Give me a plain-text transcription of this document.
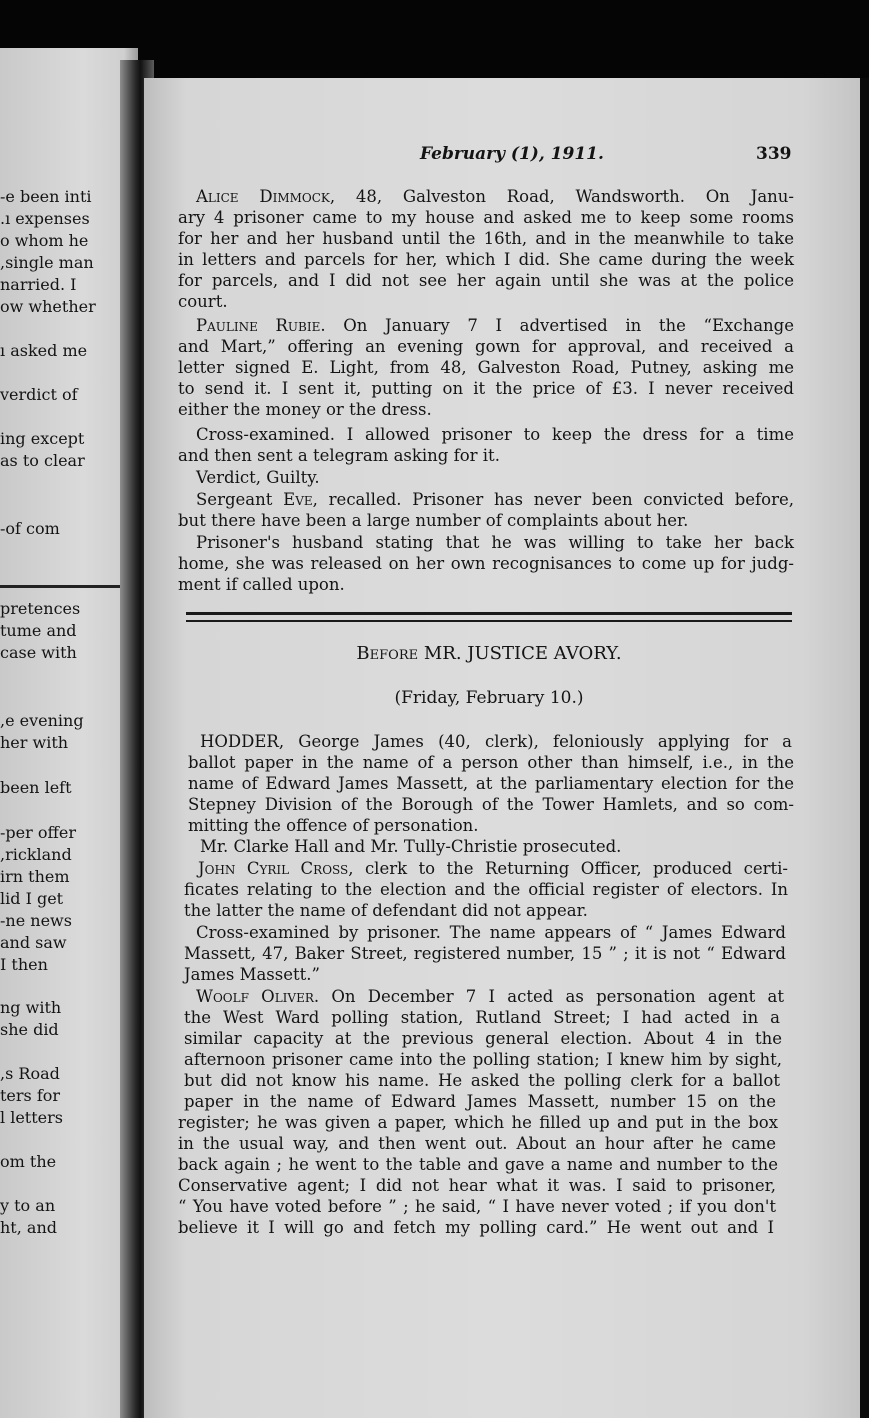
e been inti-
ı expenses.
o whom he
single man,
narried. I
ow whether
ı asked me
verdict of
ing except
as to clear
of com-
pretences
tume and
case with
e evening,
her with
been left
per offer-
rickland,
irn them
lid I get
ne news-
and saw
I then
ng with
she did
s Road,
ters for
l letters
om the
y to an
ht, and
February (1), 1911.	339
Alice Dimmock, 48, Galveston Road, Wandsworth. On Janu-
ary 4 prisoner came to my house and asked me to keep some rooms
for her and her husband until the 16th, and in the meanwhile to take
in letters and parcels for her, which I did. She came during the week
for parcels, and I did not see her again until she was at the police
court.
Pauline Rubie. On January 7 I advertised in the “Exchange
and Mart,” offering an evening gown for approval, and received a
letter signed E. Light, from 48, Galveston Road, Putney, asking me
to send it. I sent it, putting on it the price of £3. I never received
either the money or the dress.
Cross-examined. I allowed prisoner to keep the dress for a time
and then sent a telegram asking for it.
Verdict, Guilty.
Sergeant Eve, recalled. Prisoner has never been convicted before,
but there have been a large number of complaints about her.
Prisoner's husband stating that he was willing to take her back
home, she was released on her own recognisances to come up for judg-
ment if called upon.
Before MR. JUSTICE AVORY.
(Friday, February 10.)
HODDER, George James (40, clerk), feloniously applying for a
ballot paper in the name of a person other than himself, i.e., in the
name of Edward James Massett, at the parliamentary election for the
Stepney Division of the Borough of the Tower Hamlets, and so com-
mitting the offence of personation.
Mr. Clarke Hall and Mr. Tully-Christie prosecuted.
John Cyril Cross, clerk to the Returning Officer, produced certi-
ficates relating to the election and the official register of electors. In
the latter the name of defendant did not appear.
Cross-examined by prisoner. The name appears of “ James Edward
Massett, 47, Baker Street, registered number, 15 ” ; it is not “ Edward
James Massett.”
Woolf Oliver. On December 7 I acted as personation agent at
the West Ward polling station, Rutland Street; I had acted in a
similar capacity at the previous general election. About 4 in the
afternoon prisoner came into the polling station; I knew him by sight,
but did not know his name. He asked the polling clerk for a ballot
paper in the name of Edward James Massett, number 15 on the
register; he was given a paper, which he filled up and put in the box
in the usual way, and then went out. About an hour after he came
back again ; he went to the table and gave a name and number to the
Conservative agent; I did not hear what it was. I said to prisoner,
“ You have voted before ” ; he said, “ I have never voted ; if you don't
believe it I will go and fetch my polling card.” He went out and I
